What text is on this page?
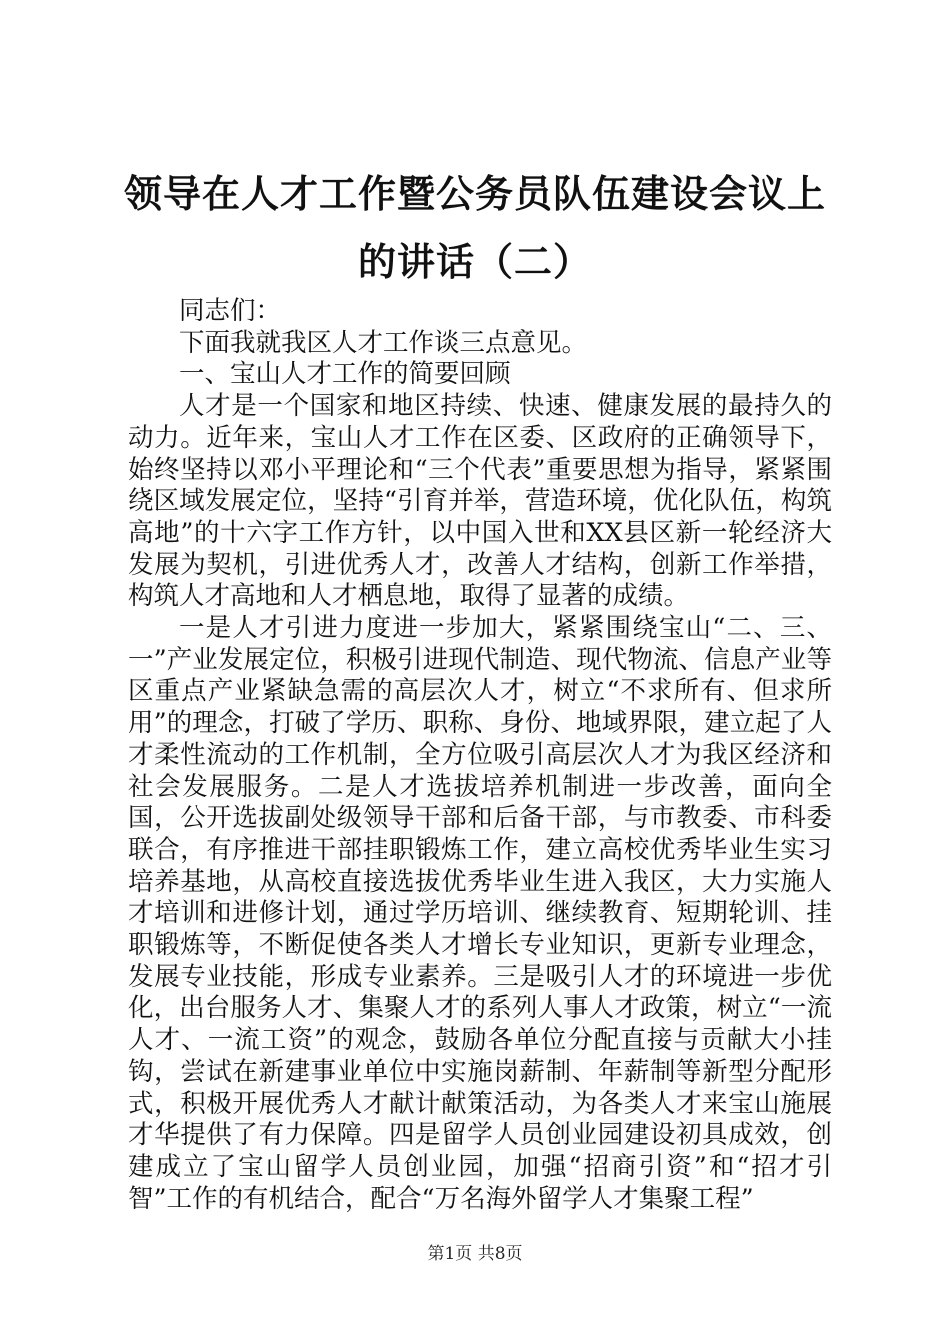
领导在人才工作暨公务员队伍建设会议上的讲话（二）

同志们：

下面我就我区人才工作谈三点意见。

一、宝山人才工作的简要回顾

人才是一个国家和地区持续、快速、健康发展的最持久的动力。近年来，宝山人才工作在区委、区政府的正确领导下，始终坚持以邓小平理论和“三个代表”重要思想为指导，紧紧围绕区域发展定位，坚持“引育并举，营造环境，优化队伍，构筑高地”的十六字工作方针，以中国入世和XX县区新一轮经济大发展为契机，引进优秀人才，改善人才结构，创新工作举措，构筑人才高地和人才栖息地，取得了显著的成绩。

一是人才引进力度进一步加大，紧紧围绕宝山“二、三、一”产业发展定位，积极引进现代制造、现代物流、信息产业等区重点产业紧缺急需的高层次人才，树立“不求所有、但求所用”的理念，打破了学历、职称、身份、地域界限，建立起了人才柔性流动的工作机制，全方位吸引高层次人才为我区经济和社会发展服务。二是人才选拔培养机制进一步改善，面向全国，公开选拔副处级领导干部和后备干部，与市教委、市科委联合，有序推进干部挂职锻炼工作，建立高校优秀毕业生实习培养基地，从高校直接选拔优秀毕业生进入我区，大力实施人才培训和进修计划，通过学历培训、继续教育、短期轮训、挂职锻炼等，不断促使各类人才增长专业知识，更新专业理念，发展专业技能，形成专业素养。三是吸引人才的环境进一步优化，出台服务人才、集聚人才的系列人事人才政策，树立“一流人才、一流工资”的观念，鼓励各单位分配直接与贡献大小挂钩，尝试在新建事业单位中实施岗薪制、年薪制等新型分配形式，积极开展优秀人才献计献策活动，为各类人才来宝山施展才华提供了有力保障。四是留学人员创业园建设初具成效，创建成立了宝山留学人员创业园，加强“招商引资”和“招才引智”工作的有机结合，配合“万名海外留学人才集聚工程”

第1页 共8页
